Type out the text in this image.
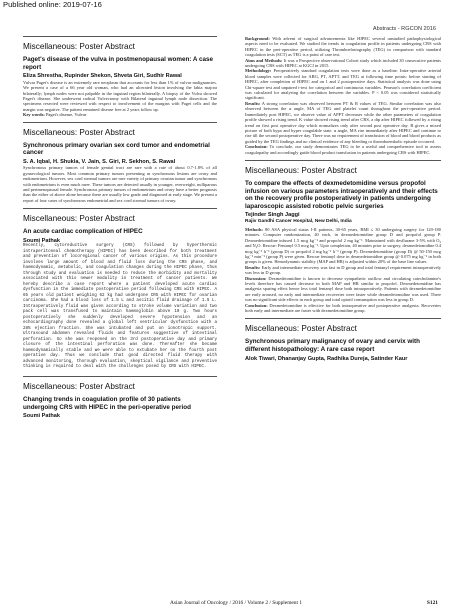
Published online: 2019-07-16
Abstracts - RGCON 2016
Miscellaneous: Poster Abstract
Paget's disease of the vulva in postmenopausal women: A case report
Eliza Shrestha, Rupinder Shekon, Shveta Giri, Sudhir Rawal

Vulvar Paget's disease is an extremely rare neoplasm that accounts for less than 1% of vulvar malignancies. We present a case of a 66 year old woman, who had an ulcerated lesion involving the labia majora bilaterally; lymph nodes were not palpable in the inguinal region bilaterally. A biopsy of the Vulva showed Paget's disease. She underwent radical Vulvectomy with Bilateral inguinal lymph node dissection. The specimens resected were reviewed with respect to involvement of the margins with Paget cells and the margin was negative. The patient remained disease free at 2 years follow up.

Key words: Paget's disease, Vulvar
Miscellaneous: Poster Abstract
Synchronous primary ovarian sex cord tumor and endometrial cancer
S. A. Iqbal, H. Shukla, V. Jain, S. Giri, R. Sekhon, S. Rawal

Synchronous primary tumors of female genital tract are rare with a rate of about 0.7-1.8% of all gynaecological tumors. Most common primary tumors presenting as synchronous lesions are ovary and endometrium. However, sex cord stromal tumors are rare variety of primary ovarian tumor and synchronous with endometrium is even much rarer. These tumors are detected usually in younger, overweight, nulliparous and perimenopausal female. Synchronous primary tumors of endometrium and ovary have a better prognosis than the either of above alone because these are usually low grade and diagnosed at early stage. We present a report of four cases of synchronous endometrial and sex cord stromal tumors of ovary.

Miscellaneous: Poster Abstract
An acute cardiac complication of HIPEC
Soumi Pathak

Recently, cytoreductive surgery (CRS) followed by hyperthermic intraperitoneal chemotherapy (HIPEC) has been described for both treatment and prevention of locoregional cancer of various origins. As this procedure involves large amount of blood and fluid loss during the CRS phase, and haemodynamic, metabolic, and coagulation changes during the HIPEC phase, thus through study and evaluation is needed to reduce the morbidity and mortality associated with this newer modality in treatment of cancer patients. We hereby describe a case report where a patient developed acute cardiac dysfunction in the immediate postoperative period following CRS with HIPEC. A 65 years old patient weighing 62 kg had undergone CRS with HIPEC for ovarian carcinoma. She had a blood loss of 1.5 L and ascitic fluid drainage of 1.5 L. Intraoperatively fluid was given according to stroke volume variation and two pack cell was transfused to maintain haemoglobin above 10 g. Two hours postoperatively she suddenly developed severe hypotension and an echocardiography done revealed a global left ventricular dysfunction with a 28% ejection fraction. She was intubated and put on ionotropic support. Ultrasound abdomen revealed fluids and features suggestive of intestinal perforation. So she was reopened on the 3rd postoperative day and primary closure of the intestinal perforation was done. Thereafter she became haemodynamically stable and we were able to extubate her on the fourth post operative day. Thus we conclude that good directed fluid therapy with advanced monitoring, thorough evaluation, skeptical vigilance and preventive thinking is required to deal with the challenges posed by CRS with HIPEC.

Miscellaneous: Poster Abstract
Changing trends in coagulation profile of 30 patients undergoing CRS with HIPEC in the peri-operative period
Soumi Pathak

Background: With advent of surgical advancements like HIPEC several unstudied pathophysiological aspects need to be evaluated. We studied the trends in coagulation profile in patients undergoing CRS with HIPEC in the peri-operative period, utilizing Thromboelastography (TEG) in comparison with standard coagulation tests (SCT) as TEG is a point of care test.

Aims and Methods: It was a Prospective observational Cohort study which included 30 consecutive patients undergoing CRS with HIPEC at KGCI in 2015.

Methodology: Preoperatively standard coagulation tests were done as a baseline. Intra-operative arterial blood samples were collected for ABG, PT, APTT, and TEG at following time points: before starting of HIPEC, after completion of HIPEC and on 1 and 2 postoperative days. Statistical analysis was done using Chi-square test and unpaired t-test for categorical and continuous variables. Pearson's correlation coefficient was calculated for analysing the correlation between the variables. P < 0.05 was considered statistically significant.

Results: A strong correlation was observed between PT & R values of TEG. Similar correlation was also observed between the α angle, MA of TEG and platelet count throughout the peri-operative period. Immediately post HIPEC, we observe value of APPT decreases while the other parameters of coagulation profile showed a rising trend. K value showed rising trend after CRS, a dip after HIPEC followed by a rising trend on first post operative day which normalizes only after second post operative day. R gives a mixed picture of both hypo and hyper coagulable state. α angle, MA rise immediately after HIPEC and continue to rise till the second postoperative day. There was no requirement of transfusion of blood and blood products as guided by the TEG findings and no clinical evidence of any bleeding or thromboembolic episode occurred.

Conclusion: To conclude, our study demonstrates TEG to be a useful and comprehensive tool to assess coagulopathy and accordingly guide blood product transfusion in patients undergoing CRS with HIPEC.

Miscellaneous: Poster Abstract
To compare the effects of dexmedetomidine versus propofol infusion on various parameters intraoperatively and their effects on the recovery profile postoperatively in patients undergoing laparoscopic assisted robotic pelvic surgeries
Tejinder Singh Jaggi
Rajiv Gandhi Cancer Hospital, New Delhi, India

Methods: 80 ASA physical status I-II patients, 30-65 years, BMI ≤ 30 undergoing surgery for 120-180 minutes. Computer randomization, 40 each, in dexmedetomidine group D and propofol group P. Dexmedetomidine infused 1.5 mcg kg⁻¹ and propofol 2 mg kg⁻¹. Maintained with desflurane 3-5% with O₂ and N₂O. Rescue: Fentanyl 0.5 mcg kg⁻¹. Upto completion, 40 minutes prior to surgery, dexmedetomidine 0.4 mcg kg⁻¹ h⁻¹ (group D) or propofol 2 mg kg⁻¹ h⁻¹ (group P). Dexmedetomidine (group D) @ 50-150 mcg kg⁻¹ min⁻¹ (group P) were given. Rescue fentanyl dose in dexmedetomidine group @ 0.075 mg kg⁻¹ in both groups is given. Hemodynamic stability (MAP and HR) is adjusted within 20% of the base line values.

Results: Early and intermediate recovery was fast in D group and total fentanyl requirement intraoperatively was less in D group.

Discussion: Dexmedetomidine is known to decrease sympathetic outflow and circulating catecholamine's levels therefore has caused decrease in both MAP and HR similar to propofol. Dexmedetomidine has analgesia sparing effect hence less total fentanyl dose both intraoperatively. Patients with dexmedetomidine are early aroused, no early and intermediate recoveries were faster while dexmedetomidine was used. There was no significant side effects in each group and total opioid consumption was less in group D.

Conclusion: Dexmedetomidine is effective for both intraoperative and postoperative analgesia. Recoveries both early and intermediate are faster with dexmedetomidine group.

Miscellaneous: Poster Abstract
Synchronous primary malignancy of ovary and cervix with different histopathology: A rare case report
Alok Tiwari, Dhananjay Gupta, Radhika Dureja, Satinder Kaur
Asian Journal of Oncology / 2016 / Volume 2 / Supplement 1	S121
